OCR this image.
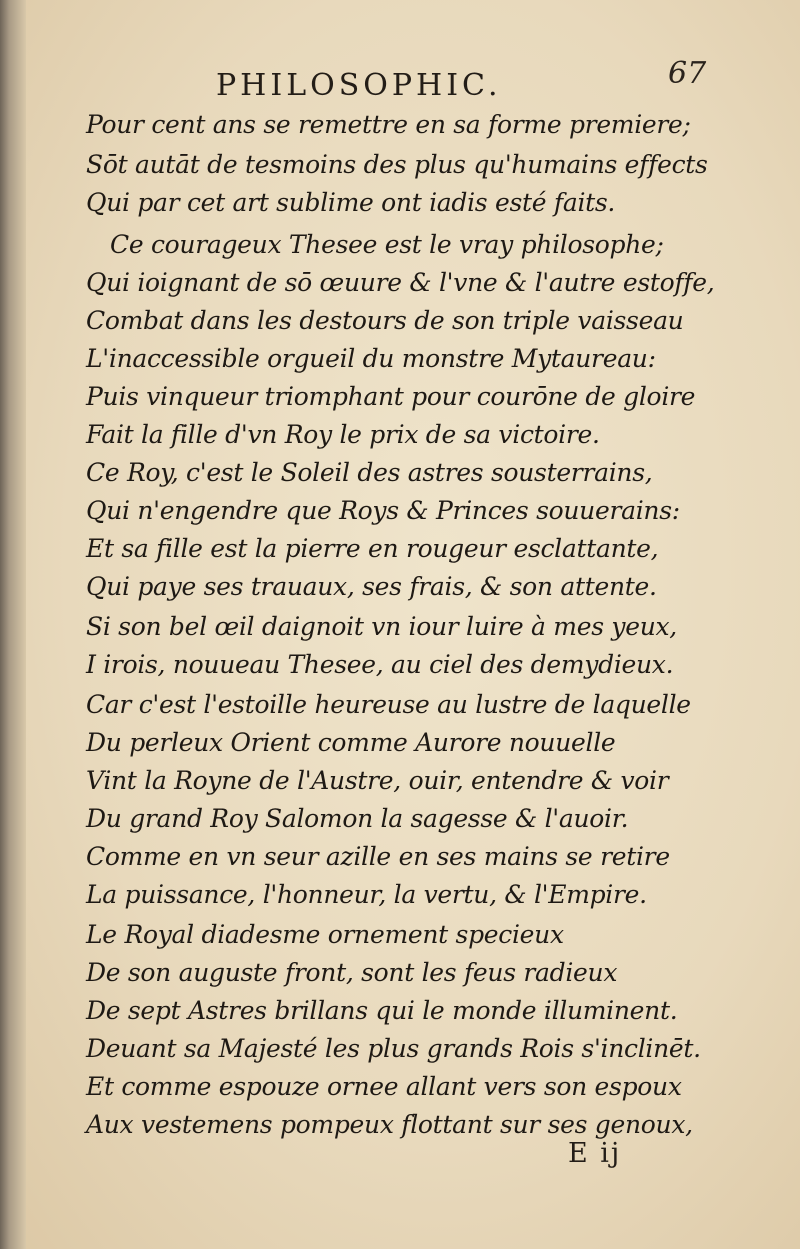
PHILOSOPHIC.	67
Pour cent ans se remettre en sa forme premiere;
Sōt autāt de tesmoins des plus qu'humains effects
Qui par cet art sublime ont iadis esté faits.
Ce courageux Thesee est le vray philosophe;
Qui ioignant de sō œuure & l'vne & l'autre estoffe,
Combat dans les destours de son triple vaisseau
L'inaccessible orgueil du monstre Mytaureau:
Puis vinqueur triomphant pour courōne de gloire
Fait la fille d'vn Roy le prix de sa victoire.
Ce Roy, c'est le Soleil des astres sousterrains,
Qui n'engendre que Roys & Princes souuerains:
Et sa fille est la pierre en rougeur esclattante,
Qui paye ses trauaux, ses frais, & son attente.
Si son bel œil daignoit vn iour luire à mes yeux,
I irois, nouueau Thesee, au ciel des demydieux.
Car c'est l'estoille heureuse au lustre de laquelle
Du perleux Orient comme Aurore nouuelle
Vint la Royne de l'Austre, ouir, entendre & voir
Du grand Roy Salomon la sagesse & l'auoir.
Comme en vn seur azille en ses mains se retire
La puissance, l'honneur, la vertu, & l'Empire.
Le Royal diadesme ornement specieux
De son auguste front, sont les feus radieux
De sept Astres brillans qui le monde illuminent.
Deuant sa Majesté les plus grands Rois s'inclinēt.
Et comme espouze ornee allant vers son espoux
Aux vestemens pompeux flottant sur ses genoux,
E ij
